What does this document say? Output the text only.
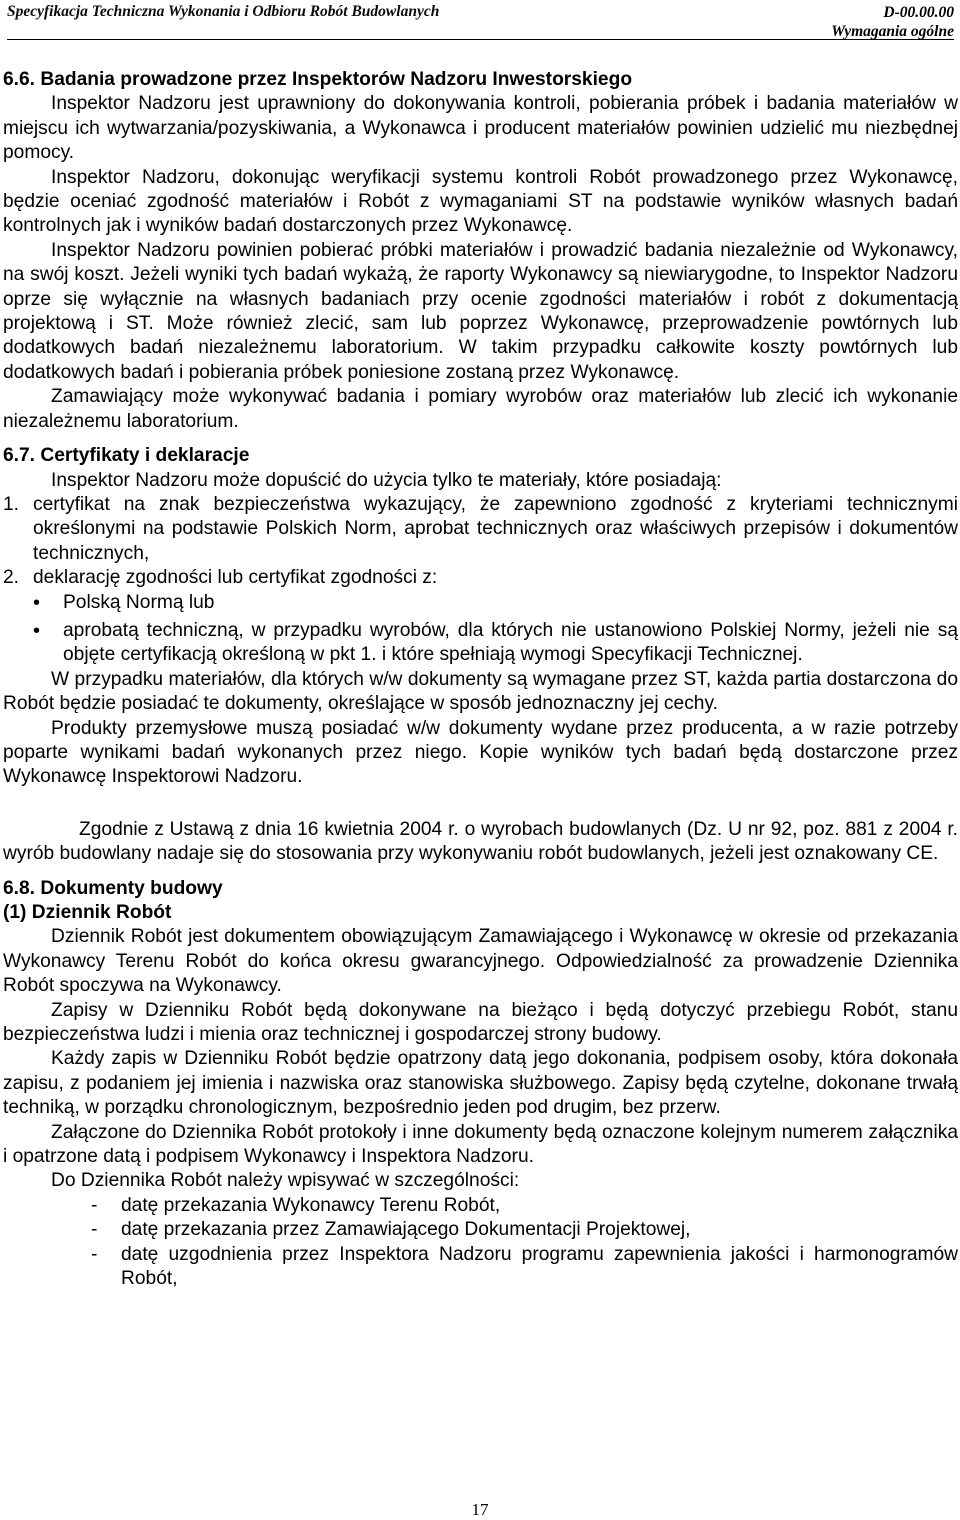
Specyfikacja Techniczna Wykonania i Odbioru Robót Budowlanych	D-00.00.00
Wymagania ogólne

6.6. Badania prowadzone przez Inspektorów Nadzoru Inwestorskiego

Inspektor Nadzoru jest uprawniony do dokonywania kontroli, pobierania próbek i badania materiałów w miejscu ich wytwarzania/pozyskiwania, a Wykonawca i producent materiałów powinien udzielić mu niezbędnej pomocy.

Inspektor Nadzoru, dokonując weryfikacji systemu kontroli Robót prowadzonego przez Wykonawcę, będzie oceniać zgodność materiałów i Robót z wymaganiami ST na podstawie wyników własnych badań kontrolnych jak i wyników badań dostarczonych przez Wykonawcę.

Inspektor Nadzoru powinien pobierać próbki materiałów i prowadzić badania niezależnie od Wykonawcy, na swój koszt. Jeżeli wyniki tych badań wykażą, że raporty Wykonawcy są niewiarygodne, to Inspektor Nadzoru oprze się wyłącznie na własnych badaniach przy ocenie zgodności materiałów i robót z dokumentacją projektową i ST. Może również zlecić, sam lub poprzez Wykonawcę, przeprowadzenie powtórnych lub dodatkowych badań niezależnemu laboratorium. W takim przypadku całkowite koszty powtórnych lub dodatkowych badań i pobierania próbek poniesione zostaną przez Wykonawcę.

Zamawiający może wykonywać badania i pomiary wyrobów oraz materiałów lub zlecić ich wykonanie niezależnemu laboratorium.

6.7. Certyfikaty i deklaracje

Inspektor Nadzoru może dopuścić do użycia tylko te materiały, które posiadają:

1. certyfikat na znak bezpieczeństwa wykazujący, że zapewniono zgodność z kryteriami technicznymi określonymi na podstawie Polskich Norm, aprobat technicznych oraz właściwych przepisów i dokumentów technicznych,
2. deklarację zgodności lub certyfikat zgodności z:
•	Polską Normą lub
•	aprobatą techniczną, w przypadku wyrobów, dla których nie ustanowiono Polskiej Normy, jeżeli nie są objęte certyfikacją określoną w pkt 1. i które spełniają wymogi Specyfikacji Technicznej.

W przypadku materiałów, dla których w/w dokumenty są wymagane przez ST, każda partia dostarczona do Robót będzie posiadać te dokumenty, określające w sposób jednoznaczny jej cechy.

Produkty przemysłowe muszą posiadać w/w dokumenty wydane przez producenta, a w razie potrzeby poparte wynikami badań wykonanych przez niego. Kopie wyników tych badań będą dostarczone przez Wykonawcę Inspektorowi Nadzoru.

Zgodnie z Ustawą z dnia 16 kwietnia 2004 r. o wyrobach budowlanych (Dz. U nr 92, poz. 881 z 2004 r. wyrób budowlany nadaje się do stosowania przy wykonywaniu robót budowlanych, jeżeli jest oznakowany CE.

6.8. Dokumenty budowy

(1) Dziennik Robót

Dziennik Robót jest dokumentem obowiązującym Zamawiającego i Wykonawcę w okresie od przekazania Wykonawcy Terenu Robót do końca okresu gwarancyjnego. Odpowiedzialność za prowadzenie Dziennika Robót spoczywa na Wykonawcy.

Zapisy w Dzienniku Robót będą dokonywane na bieżąco i będą dotyczyć przebiegu Robót, stanu bezpieczeństwa ludzi i mienia oraz technicznej i gospodarczej strony budowy.

Każdy zapis w Dzienniku Robót będzie opatrzony datą jego dokonania, podpisem osoby, która dokonała zapisu, z podaniem jej imienia i nazwiska oraz stanowiska służbowego. Zapisy będą czytelne, dokonane trwałą techniką, w porządku chronologicznym, bezpośrednio jeden pod drugim, bez przerw.

Załączone do Dziennika Robót protokoły i inne dokumenty będą oznaczone kolejnym numerem załącznika i opatrzone datą i podpisem Wykonawcy i Inspektora Nadzoru.

Do Dziennika Robót należy wpisywać w szczególności:

-	datę przekazania Wykonawcy Terenu Robót,
-	datę przekazania przez Zamawiającego Dokumentacji Projektowej,
-	datę uzgodnienia przez Inspektora Nadzoru programu zapewnienia jakości i harmonogramów Robót,
17
